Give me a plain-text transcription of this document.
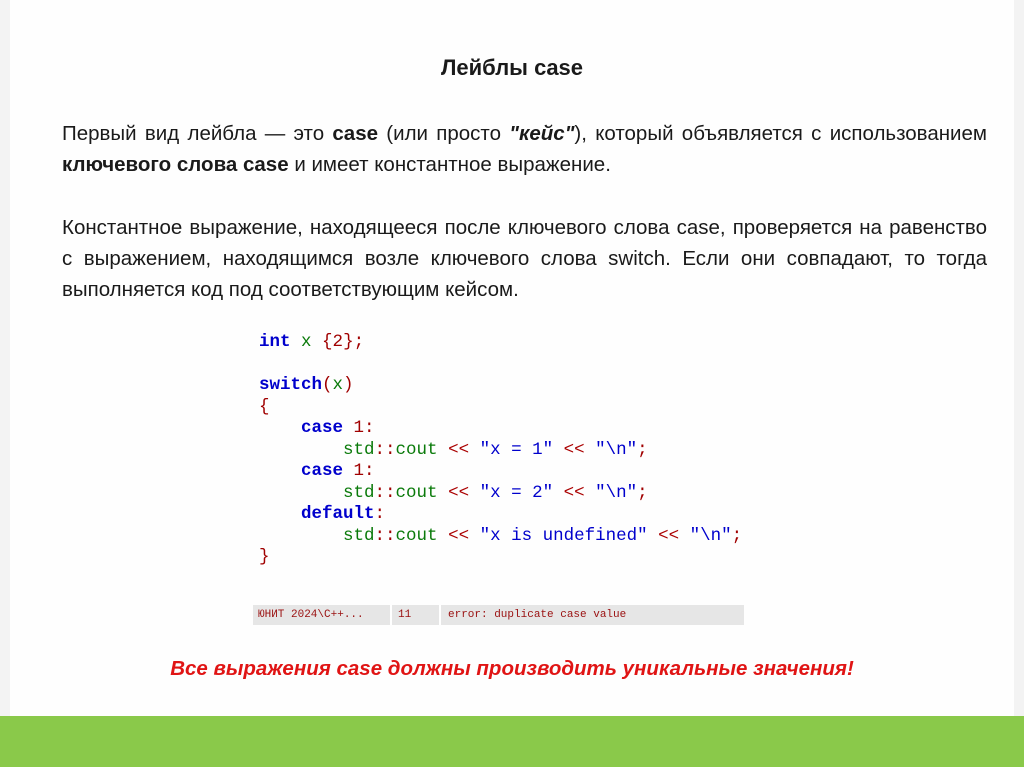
Лейблы case
Первый вид лейбла — это case (или просто "кейс"), который объявляется с использованием ключевого слова case и имеет константное выражение.
Константное выражение, находящееся после ключевого слова case, проверяется на равенство с выражением, находящимся возле ключевого слова switch. Если они совпадают, то тогда выполняется код под соответствующим кейсом.
int x {2};

switch(x)
{
case 1:
std::cout << "x = 1" << "\n";
case 1:
std::cout << "x = 2" << "\n";
default:
std::cout << "x is undefined" << "\n";
}
ЮНИТ 2024\C++...	11	error: duplicate case value
Все выражения case должны производить уникальные значения!
